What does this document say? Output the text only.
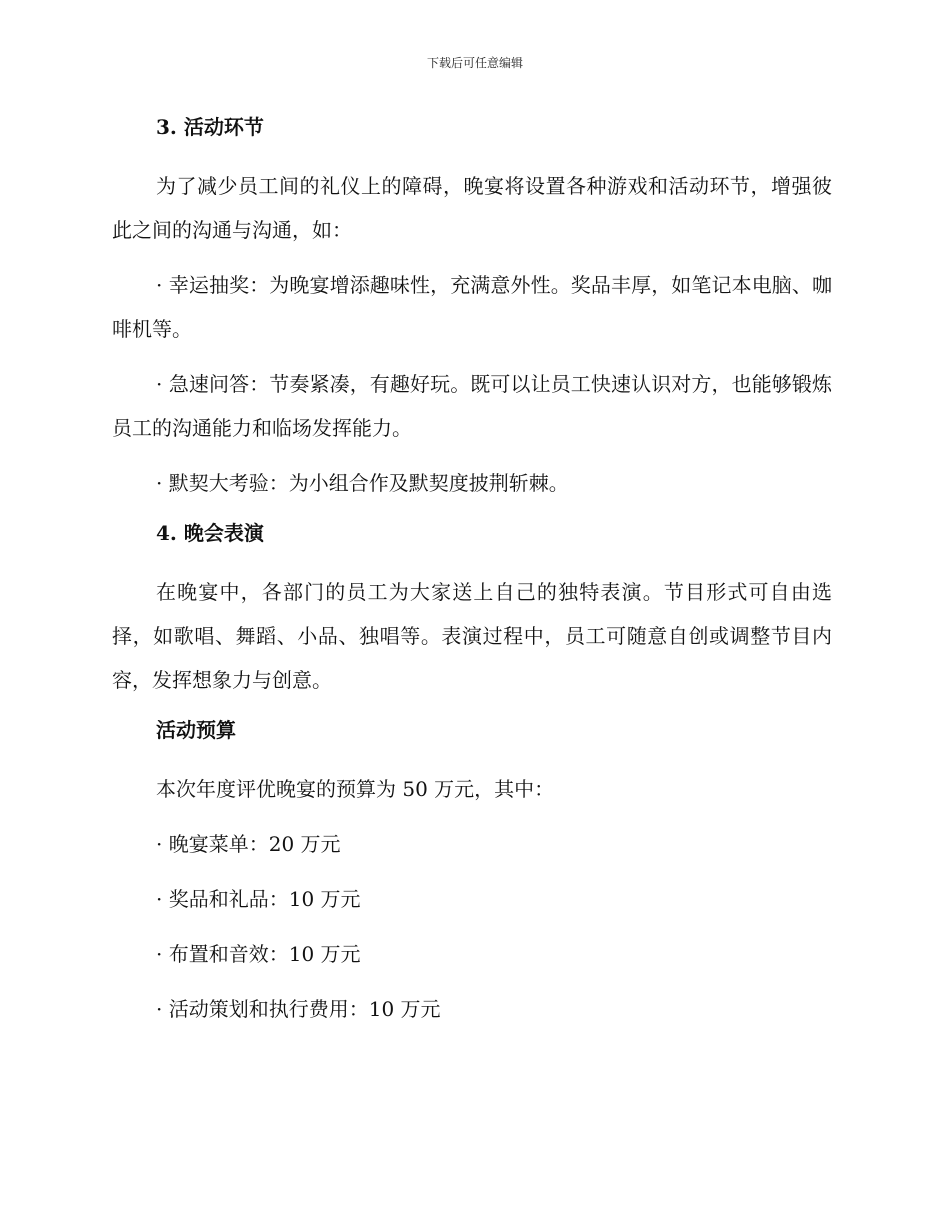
下载后可任意编辑
3. 活动环节

为了减少员工间的礼仪上的障碍，晚宴将设置各种游戏和活动环节，增强彼此之间的沟通与沟通，如：

· 幸运抽奖：为晚宴增添趣味性，充满意外性。奖品丰厚，如笔记本电脑、咖啡机等。

· 急速问答：节奏紧凑，有趣好玩。既可以让员工快速认识对方，也能够锻炼员工的沟通能力和临场发挥能力。

· 默契大考验：为小组合作及默契度披荆斩棘。

4. 晚会表演

在晚宴中，各部门的员工为大家送上自己的独特表演。节目形式可自由选择，如歌唱、舞蹈、小品、独唱等。表演过程中，员工可随意自创或调整节目内容，发挥想象力与创意。

活动预算

本次年度评优晚宴的预算为 50 万元，其中：

· 晚宴菜单：20 万元

· 奖品和礼品：10 万元

· 布置和音效：10 万元

· 活动策划和执行费用：10 万元
